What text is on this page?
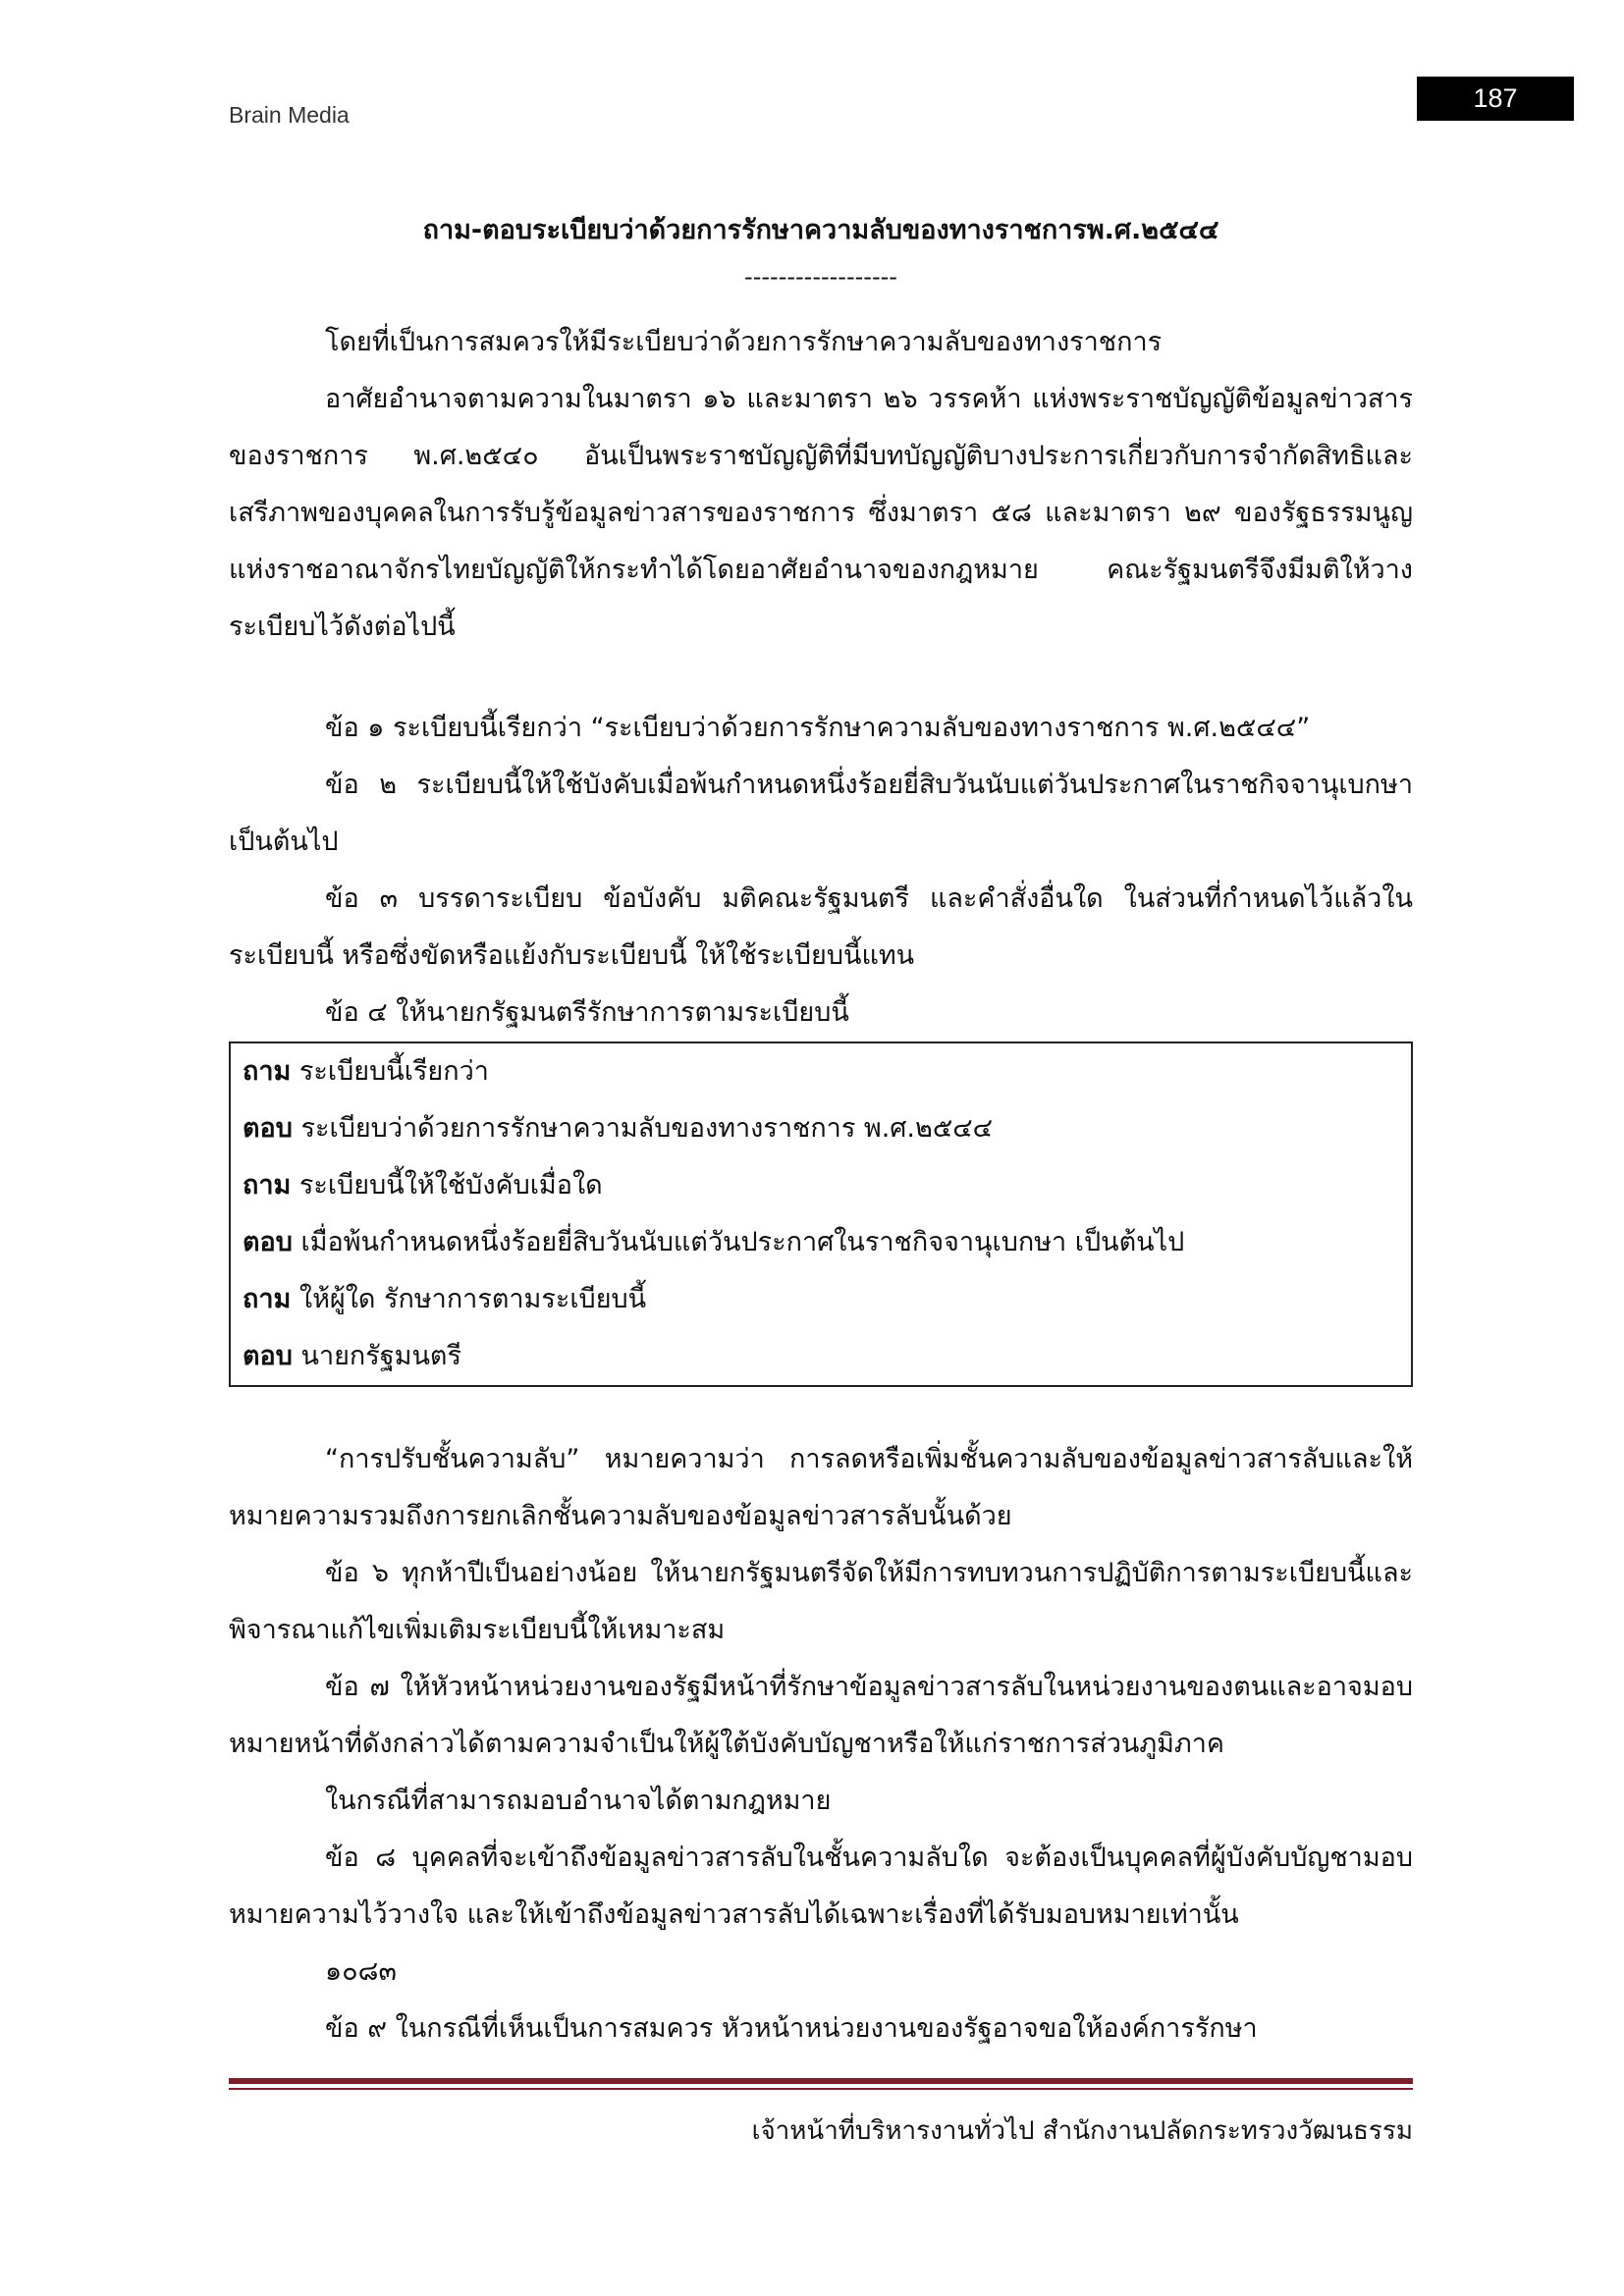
Brain Media
187
ถาม-ตอบระเบียบว่าด้วยการรักษาความลับของทางราชการพ.ศ.๒๕๔๔
------------------

โดยที่เป็นการสมควรให้มีระเบียบว่าด้วยการรักษาความลับของทางราชการ

อาศัยอำนาจตามความในมาตรา ๑๖ และมาตรา ๒๖ วรรคห้า แห่งพระราชบัญญัติข้อมูลข่าวสารของราชการ พ.ศ.๒๕๔๐ อันเป็นพระราชบัญญัติที่มีบทบัญญัติบางประการเกี่ยวกับการจำกัดสิทธิและเสรีภาพของบุคคลในการรับรู้ข้อมูลข่าวสารของราชการ ซึ่งมาตรา ๕๘ และมาตรา ๒๙ ของรัฐธรรมนูญแห่งราชอาณาจักรไทยบัญญัติให้กระทำได้โดยอาศัยอำนาจของกฎหมาย คณะรัฐมนตรีจึงมีมติให้วางระเบียบไว้ดังต่อไปนี้

ข้อ ๑ ระเบียบนี้เรียกว่า “ระเบียบว่าด้วยการรักษาความลับของทางราชการ พ.ศ.๒๕๔๔”

ข้อ ๒ ระเบียบนี้ให้ใช้บังคับเมื่อพ้นกำหนดหนึ่งร้อยยี่สิบวันนับแต่วันประกาศในราชกิจจานุเบกษาเป็นต้นไป

ข้อ ๓ บรรดาระเบียบ ข้อบังคับ มติคณะรัฐมนตรี และคำสั่งอื่นใด ในส่วนที่กำหนดไว้แล้วในระเบียบนี้ หรือซึ่งขัดหรือแย้งกับระเบียบนี้ ให้ใช้ระเบียบนี้แทน

ข้อ ๔ ให้นายกรัฐมนตรีรักษาการตามระเบียบนี้

ถาม ระเบียบนี้เรียกว่า

ตอบ ระเบียบว่าด้วยการรักษาความลับของทางราชการ พ.ศ.๒๕๔๔

ถาม ระเบียบนี้ให้ใช้บังคับเมื่อใด

ตอบ เมื่อพ้นกำหนดหนึ่งร้อยยี่สิบวันนับแต่วันประกาศในราชกิจจานุเบกษา เป็นต้นไป

ถาม ให้ผู้ใด รักษาการตามระเบียบนี้

ตอบ นายกรัฐมนตรี

“การปรับชั้นความลับ” หมายความว่า การลดหรือเพิ่มชั้นความลับของข้อมูลข่าวสารลับและให้หมายความรวมถึงการยกเลิกชั้นความลับของข้อมูลข่าวสารลับนั้นด้วย

ข้อ ๖ ทุกห้าปีเป็นอย่างน้อย ให้นายกรัฐมนตรีจัดให้มีการทบทวนการปฏิบัติการตามระเบียบนี้และพิจารณาแก้ไขเพิ่มเติมระเบียบนี้ให้เหมาะสม

ข้อ ๗ ให้หัวหน้าหน่วยงานของรัฐมีหน้าที่รักษาข้อมูลข่าวสารลับในหน่วยงานของตนและอาจมอบหมายหน้าที่ดังกล่าวได้ตามความจำเป็นให้ผู้ใต้บังคับบัญชาหรือให้แก่ราชการส่วนภูมิภาค

ในกรณีที่สามารถมอบอำนาจได้ตามกฎหมาย

ข้อ ๘ บุคคลที่จะเข้าถึงข้อมูลข่าวสารลับในชั้นความลับใด จะต้องเป็นบุคคลที่ผู้บังคับบัญชามอบหมายความไว้วางใจ และให้เข้าถึงข้อมูลข่าวสารลับได้เฉพาะเรื่องที่ได้รับมอบหมายเท่านั้น

๑๐๘๓

ข้อ ๙ ในกรณีที่เห็นเป็นการสมควร หัวหน้าหน่วยงานของรัฐอาจขอให้องค์การรักษา

เจ้าหน้าที่บริหารงานทั่วไป สำนักงานปลัดกระทรวงวัฒนธรรม
